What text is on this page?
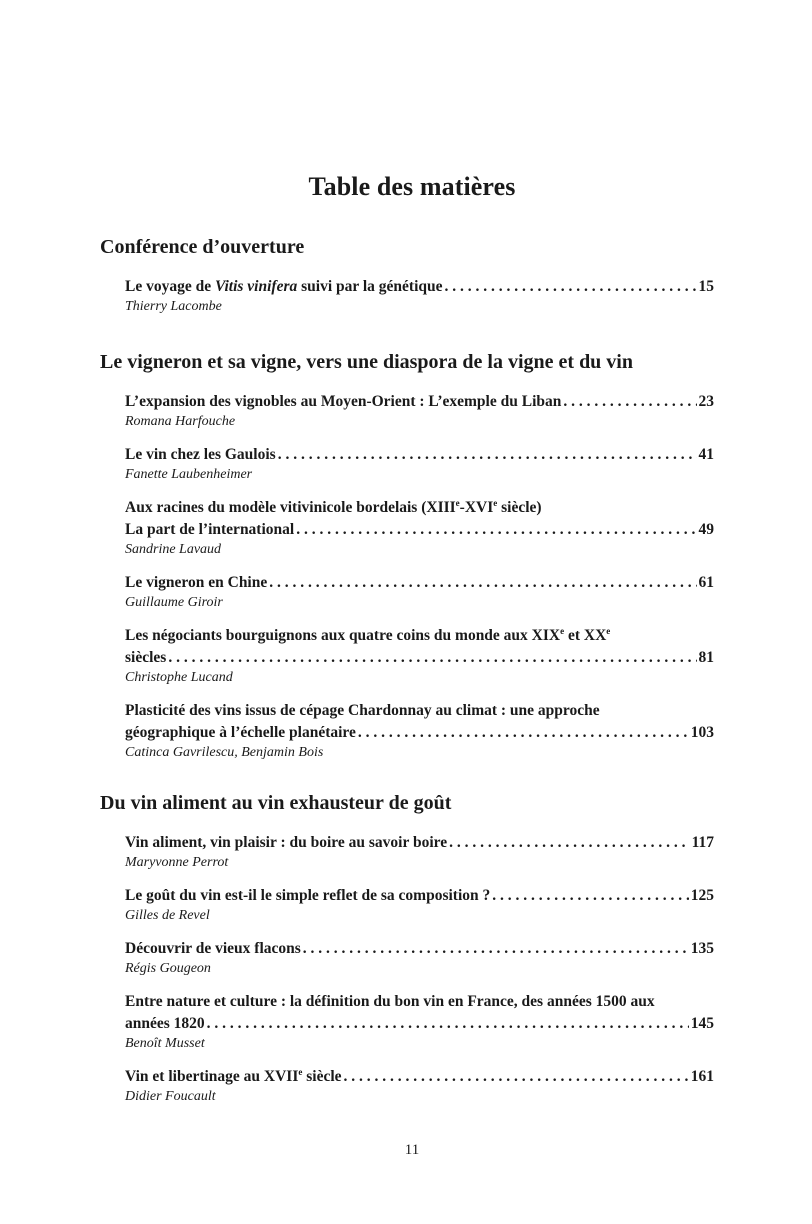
Table des matières
Conférence d’ouverture
Le voyage de Vitis vinifera suivi par la génétique . . .	15
Thierry Lacombe
Le vigneron et sa vigne, vers une diaspora de la vigne et du vin
L’expansion des vignobles au Moyen-Orient : L’exemple du Liban . . .	23
Romana Harfouche
Le vin chez les Gaulois . . .	41
Fanette Laubenheimer
Aux racines du modèle vitivinicole bordelais (XIIIe-XVIe siècle)
La part de l’international . . .	49
Sandrine Lavaud
Le vigneron en Chine . . .	61
Guillaume Giroir
Les négociants bourguignons aux quatre coins du monde aux XIXe et XXe
siècles . . .	81
Christophe Lucand
Plasticité des vins issus de cépage Chardonnay au climat : une approche
géographique à l’échelle planétaire . . .	103
Catinca Gavrilescu, Benjamin Bois
Du vin aliment au vin exhausteur de goût
Vin aliment, vin plaisir : du boire au savoir boire . . .	117
Maryvonne Perrot
Le goût du vin est-il le simple reflet de sa composition ? . . .	125
Gilles de Revel
Découvrir de vieux flacons . . .	135
Régis Gougeon
Entre nature et culture : la définition du bon vin en France, des années 1500 aux
années 1820 . . .	145
Benoît Musset
Vin et libertinage au XVIIe siècle . . .	161
Didier Foucault
11
